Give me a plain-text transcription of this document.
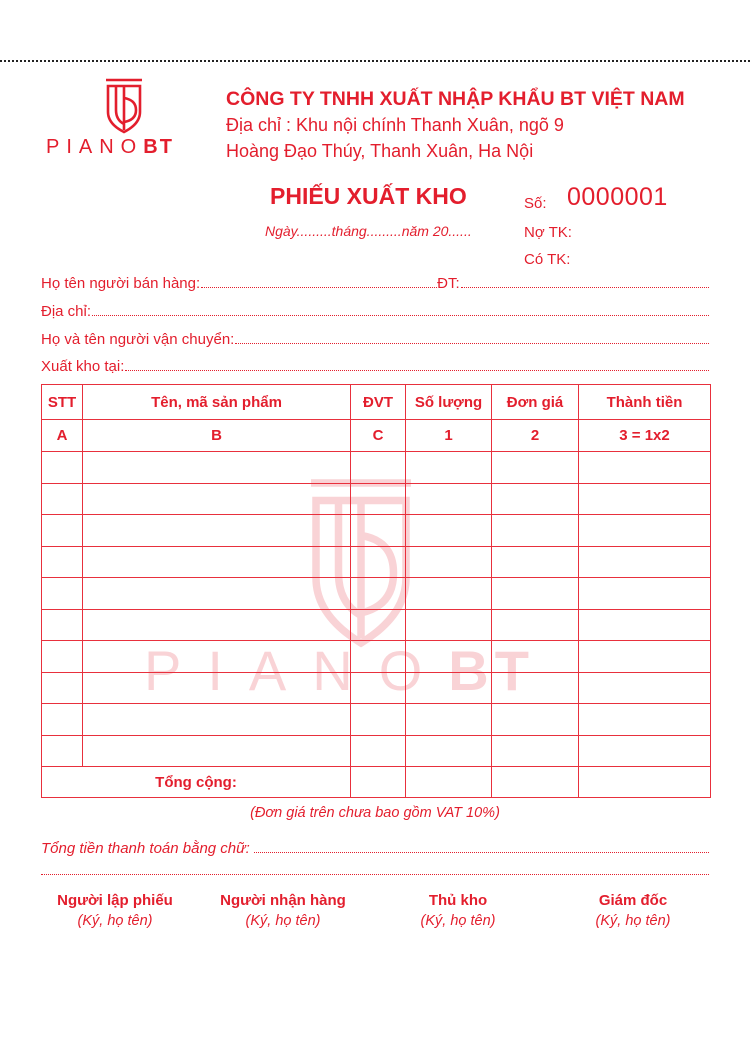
PIANOBT
CÔNG TY TNHH XUẤT NHẬP KHẨU BT VIỆT NAM
Địa chỉ : Khu nội chính Thanh Xuân, ngõ 9
Hoàng Đạo Thúy, Thanh Xuân, Ha Nội
PHIẾU XUẤT KHO
Ngày.........tháng.........năm 20......
Số: 0000001
Nợ TK:
Có TK:
Họ tên người bán hàng:	ĐT:
Địa chỉ:
Họ và tên người vận chuyển:
Xuất kho tại:
PIANOBT
STT	Tên, mã sản phẩm	ĐVT	Số lượng	Đơn giá	Thành tiền
A	B	C	1	2	3 = 1x2

Tổng cộng:					
(Đơn giá trên chưa bao gồm VAT 10%)
Tổng tiền thanh toán bằng chữ:
Người lập phiếu
(Ký, họ tên)
Người nhận hàng
(Ký, họ tên)
Thủ kho
(Ký, họ tên)
Giám đốc
(Ký, họ tên)
